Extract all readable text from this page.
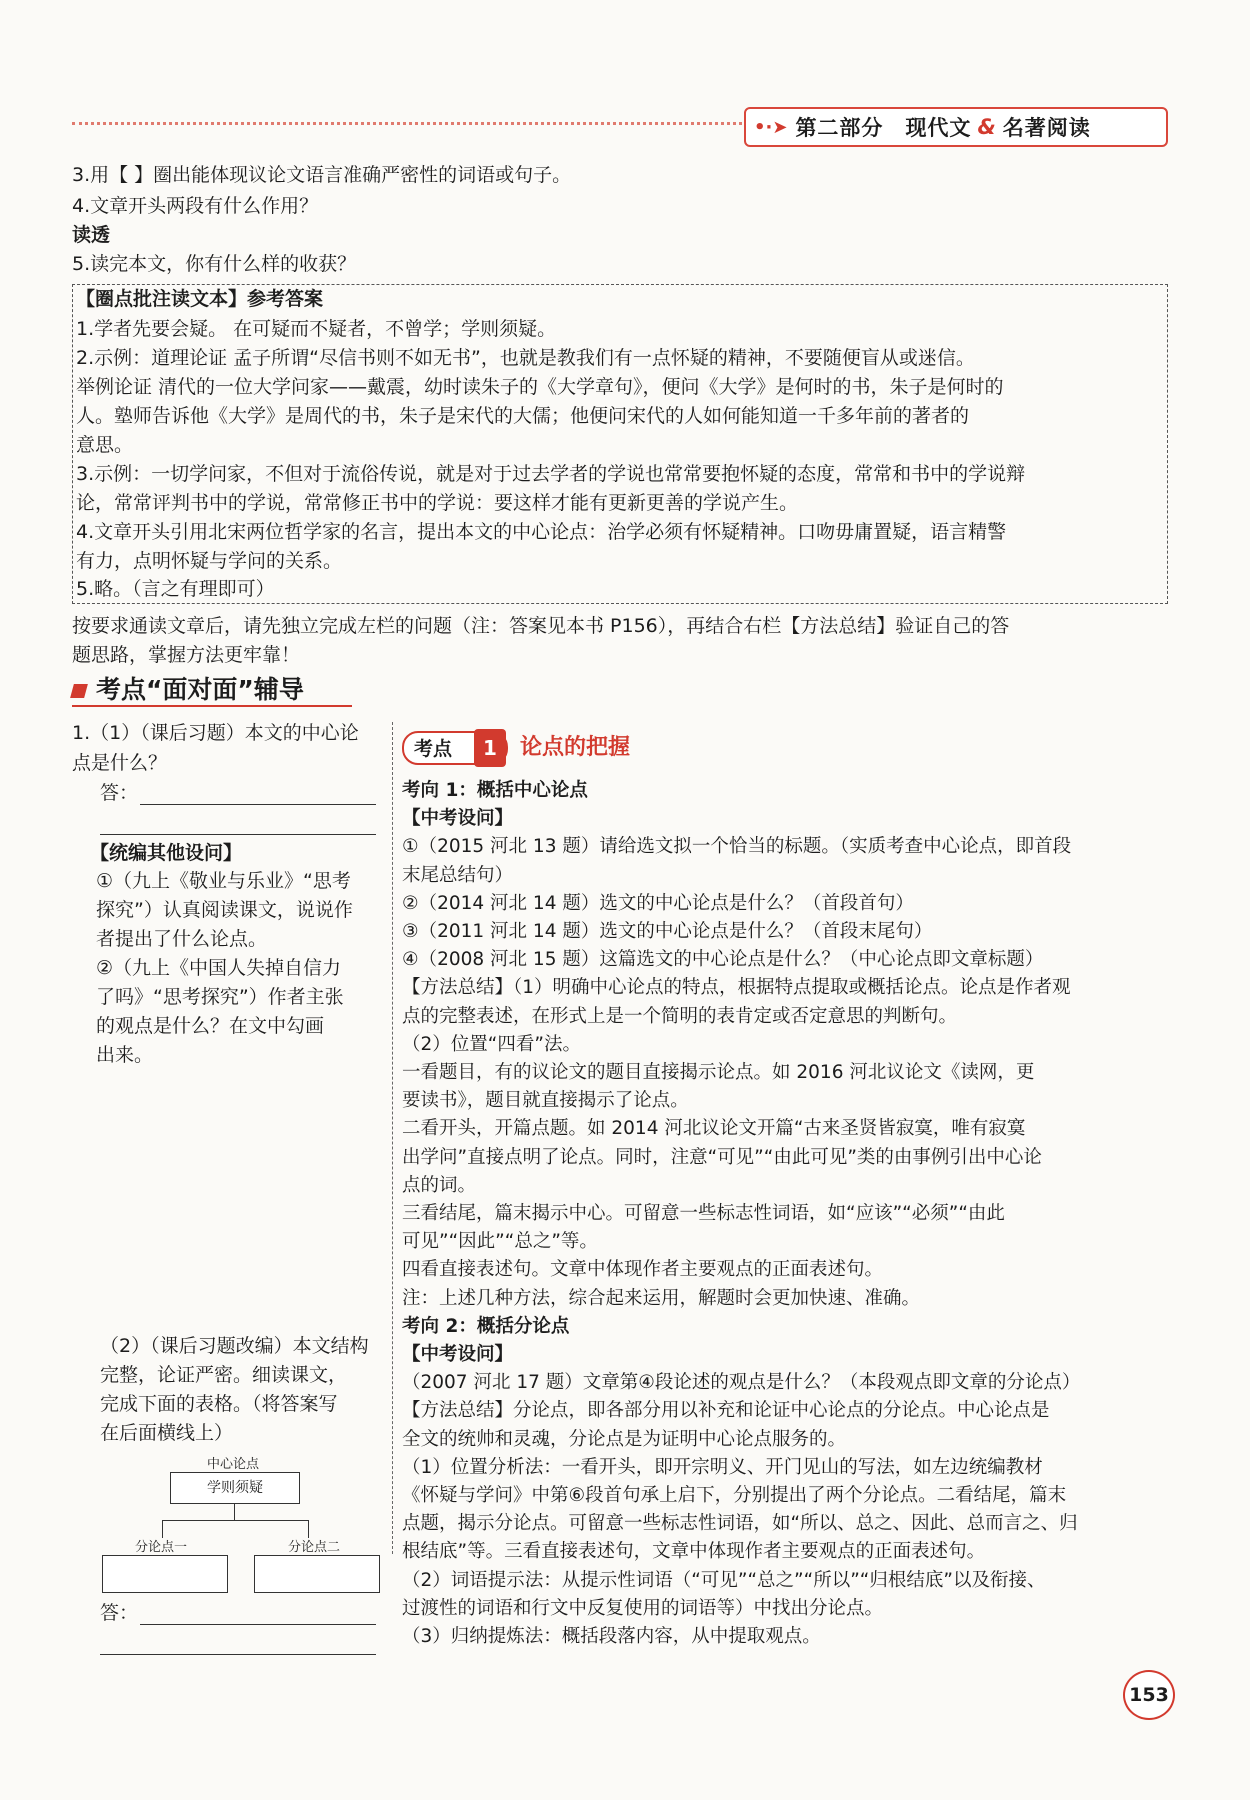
•·➤ 第二部分 现代文 & 名著阅读
3.用【 】圈出能体现议论文语言准确严密性的词语或句子。
4.文章开头两段有什么作用？
读透
5.读完本文，你有什么样的收获？
【圈点批注读文本】参考答案
1.学者先要会疑。 在可疑而不疑者，不曾学；学则须疑。
2.示例：道理论证 孟子所谓“尽信书则不如无书”，也就是教我们有一点怀疑的精神，不要随便盲从或迷信。
举例论证 清代的一位大学问家——戴震，幼时读朱子的《大学章句》，便问《大学》是何时的书，朱子是何时的
人。塾师告诉他《大学》是周代的书，朱子是宋代的大儒；他便问宋代的人如何能知道一千多年前的著者的
意思。
3.示例：一切学问家，不但对于流俗传说，就是对于过去学者的学说也常常要抱怀疑的态度，常常和书中的学说辩
论，常常评判书中的学说，常常修正书中的学说：要这样才能有更新更善的学说产生。
4.文章开头引用北宋两位哲学家的名言，提出本文的中心论点：治学必须有怀疑精神。口吻毋庸置疑，语言精警
有力，点明怀疑与学问的关系。
5.略。（言之有理即可）
按要求通读文章后，请先独立完成左栏的问题（注：答案见本书 P156），再结合右栏【方法总结】验证自己的答
题思路，掌握方法更牢靠！
考点“面对面”辅导
1.（1）（课后习题）本文的中心论
点是什么？
答：
【统编其他设问】
①（九上《敬业与乐业》“思考
探究”）认真阅读课文，说说作
者提出了什么论点。
②（九上《中国人失掉自信力
了吗》“思考探究”）作者主张
的观点是什么？在文中勾画
出来。
（2）（课后习题改编）本文结构
完整，论证严密。细读课文，
完成下面的表格。（将答案写
在后面横线上）
中心论点
学则须疑
分论点一	分论点二
答：
考点	1	论点的把握
考向 1：概括中心论点
【中考设问】
①（2015 河北 13 题）请给选文拟一个恰当的标题。（实质考查中心论点，即首段
末尾总结句）
②（2014 河北 14 题）选文的中心论点是什么？（首段首句）
③（2011 河北 14 题）选文的中心论点是什么？（首段末尾句）
④（2008 河北 15 题）这篇选文的中心论点是什么？（中心论点即文章标题）
【方法总结】（1）明确中心论点的特点，根据特点提取或概括论点。论点是作者观
点的完整表述，在形式上是一个简明的表肯定或否定意思的判断句。
（2）位置“四看”法。
一看题目，有的议论文的题目直接揭示论点。如 2016 河北议论文《读网，更
要读书》，题目就直接揭示了论点。
二看开头，开篇点题。如 2014 河北议论文开篇“古来圣贤皆寂寞，唯有寂寞
出学问”直接点明了论点。同时，注意“可见”“由此可见”类的由事例引出中心论
点的词。
三看结尾，篇末揭示中心。可留意一些标志性词语，如“应该”“必须”“由此
可见”“因此”“总之”等。
四看直接表述句。文章中体现作者主要观点的正面表述句。
注：上述几种方法，综合起来运用，解题时会更加快速、准确。
考向 2：概括分论点
【中考设问】
（2007 河北 17 题）文章第④段论述的观点是什么？（本段观点即文章的分论点）
【方法总结】分论点，即各部分用以补充和论证中心论点的分论点。中心论点是
全文的统帅和灵魂，分论点是为证明中心论点服务的。
（1）位置分析法：一看开头，即开宗明义、开门见山的写法，如左边统编教材
《怀疑与学问》中第⑥段首句承上启下，分别提出了两个分论点。二看结尾，篇末
点题，揭示分论点。可留意一些标志性词语，如“所以、总之、因此、总而言之、归
根结底”等。三看直接表述句，文章中体现作者主要观点的正面表述句。
（2）词语提示法：从提示性词语（“可见”“总之”“所以”“归根结底”以及衔接、
过渡性的词语和行文中反复使用的词语等）中找出分论点。
（3）归纳提炼法：概括段落内容，从中提取观点。
153
